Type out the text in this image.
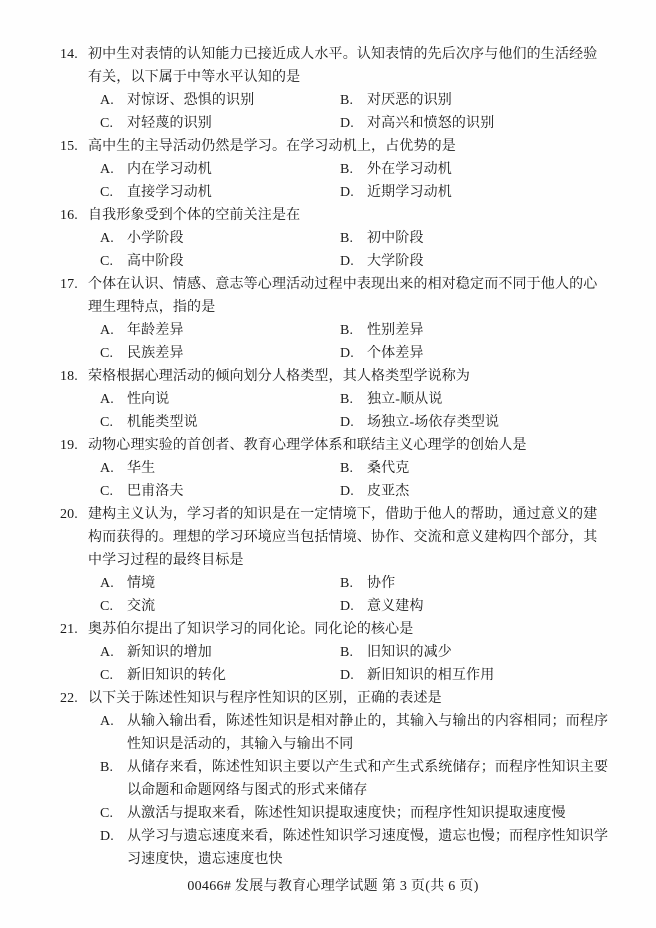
14. 初中生对表情的认知能力已接近成人水平。认知表情的先后次序与他们的生活经验
有关，以下属于中等水平认知的是
A. 对惊讶、恐惧的识别	B. 对厌恶的识别
C. 对轻蔑的识别	D. 对高兴和愤怒的识别
15. 高中生的主导活动仍然是学习。在学习动机上，占优势的是
A. 内在学习动机	B. 外在学习动机
C. 直接学习动机	D. 近期学习动机
16. 自我形象受到个体的空前关注是在
A. 小学阶段	B. 初中阶段
C. 高中阶段	D. 大学阶段
17. 个体在认识、情感、意志等心理活动过程中表现出来的相对稳定而不同于他人的心
理生理特点，指的是
A. 年龄差异	B. 性别差异
C. 民族差异	D. 个体差异
18. 荣格根据心理活动的倾向划分人格类型，其人格类型学说称为
A. 性向说	B. 独立-顺从说
C. 机能类型说	D. 场独立-场依存类型说
19. 动物心理实验的首创者、教育心理学体系和联结主义心理学的创始人是
A. 华生	B. 桑代克
C. 巴甫洛夫	D. 皮亚杰
20. 建构主义认为，学习者的知识是在一定情境下，借助于他人的帮助，通过意义的建
构而获得的。理想的学习环境应当包括情境、协作、交流和意义建构四个部分，其
中学习过程的最终目标是
A. 情境	B. 协作
C. 交流	D. 意义建构
21. 奥苏伯尔提出了知识学习的同化论。同化论的核心是
A. 新知识的增加	B. 旧知识的减少
C. 新旧知识的转化	D. 新旧知识的相互作用
22. 以下关于陈述性知识与程序性知识的区别，正确的表述是
A. 从输入输出看，陈述性知识是相对静止的，其输入与输出的内容相同；而程序
性知识是活动的，其输入与输出不同
B. 从储存来看，陈述性知识主要以产生式和产生式系统储存；而程序性知识主要
以命题和命题网络与图式的形式来储存
C. 从激活与提取来看，陈述性知识提取速度快；而程序性知识提取速度慢
D. 从学习与遗忘速度来看，陈述性知识学习速度慢，遗忘也慢；而程序性知识学
习速度快，遗忘速度也快
00466# 发展与教育心理学试题 第 3 页(共 6 页)
